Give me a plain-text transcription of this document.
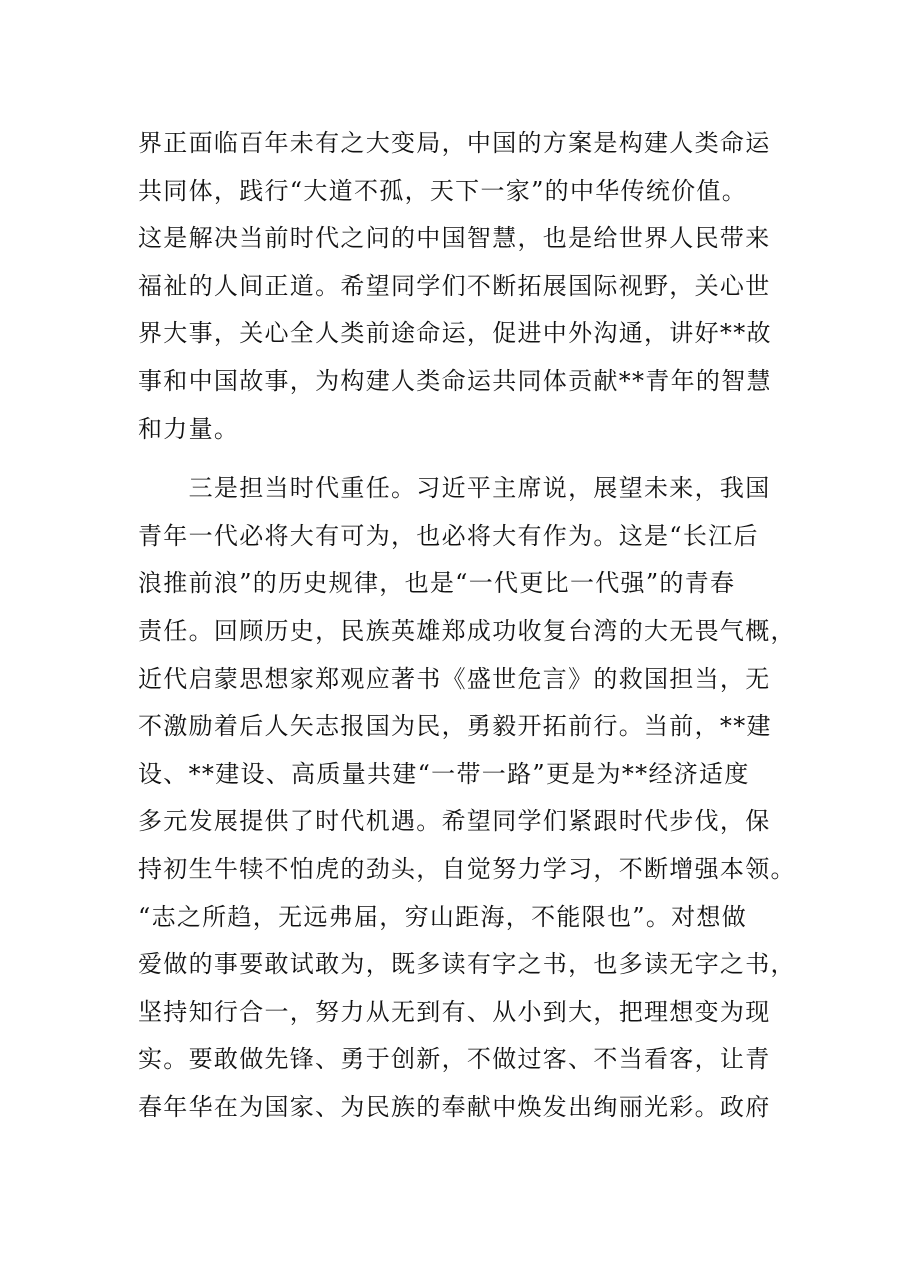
界正面临百年未有之大变局，中国的方案是构建人类命运
共同体，践行“大道不孤，天下一家”的中华传统价值。
这是解决当前时代之问的中国智慧，也是给世界人民带来
福祉的人间正道。希望同学们不断拓展国际视野，关心世
界大事，关心全人类前途命运，促进中外沟通，讲好**故
事和中国故事，为构建人类命运共同体贡献**青年的智慧
和力量。
　　三是担当时代重任。习近平主席说，展望未来，我国
青年一代必将大有可为，也必将大有作为。这是“长江后
浪推前浪”的历史规律，也是“一代更比一代强”的青春
责任。回顾历史，民族英雄郑成功收复台湾的大无畏气概，
近代启蒙思想家郑观应著书《盛世危言》的救国担当，无
不激励着后人矢志报国为民，勇毅开拓前行。当前，**建
设、**建设、高质量共建“一带一路”更是为**经济适度
多元发展提供了时代机遇。希望同学们紧跟时代步伐，保
持初生牛犊不怕虎的劲头，自觉努力学习，不断增强本领。
“志之所趋，无远弗届，穷山距海，不能限也”。对想做
爱做的事要敢试敢为，既多读有字之书，也多读无字之书，
坚持知行合一，努力从无到有、从小到大，把理想变为现
实。要敢做先锋、勇于创新，不做过客、不当看客，让青
春年华在为国家、为民族的奉献中焕发出绚丽光彩。政府
